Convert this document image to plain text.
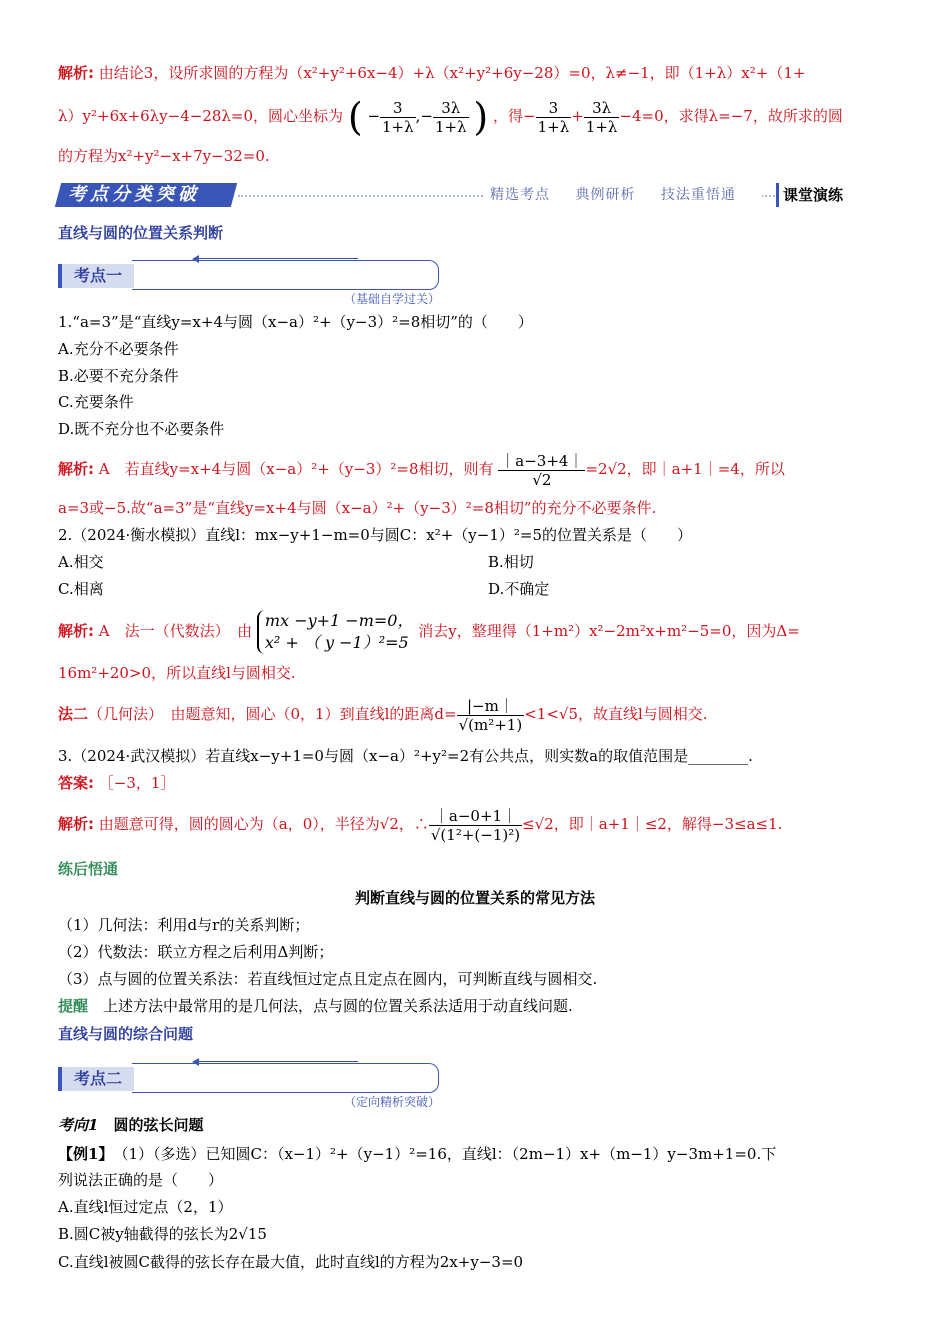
解析: 由结论3，设所求圆的方程为（x²+y²+6x−4）+λ（x²+y²+6y−28）=0，λ≠−1，即（1+λ）x²+（1+
λ）y²+6x+6λy−4−28λ=0，圆心坐标为 ( − $\frac{3}{1+\lambda}$ ,− $\frac{3\lambda}{1+\lambda}$ ) ，得− $\frac{3}{1+\lambda} + \frac{3\lambda}{1+\lambda} -4=0$，求得λ=−7，故所求的圆
的方程为x²+y²−x+7y−32=0.
考点分类突破	精选考点 典例研析 技法重悟通	课堂演练
直线与圆的位置关系判断
考点一
（基础自学过关）
1.“a=3”是“直线y=x+4与圆（x−a）²+（y−3）²=8相切”的（　　）
A.充分不必要条件
B.必要不充分条件
C.充要条件
D.既不充分也不必要条件
解析: A　若直线y=x+4与圆（x−a）²+（y−3）²=8相切，则有 $\frac{|a-3+4|}{√2} =2√2$，即｜a+1｜=4，所以
a=3或−5.故“a=3”是“直线y=x+4与圆（x−a）²+（y−3）²=8相切”的充分不必要条件.
2.（2024·衡水模拟）直线l：mx−y+1−m=0与圆C：x²+（y−1）²=5的位置关系是（　　）
A.相交	B.相切
C.相离	D.不确定
解析: A　法一（代数法）　由
mx −y+1 −m=0，
x² + （ y −1）²=5
消去y，整理得（1+m²）x²−2m²x+m²−5=0，因为Δ=
16m²+20>0，所以直线l与圆相交.
法二（几何法）　由题意知，圆心（0，1）到直线l的距离$d= \frac{|-m|}{\text{√(m²+1)}} <1<√5$，故直线l与圆相交.
3.（2024·武汉模拟）若直线x−y+1=0与圆（x−a）²+y²=2有公共点，则实数a的取值范围是________.
答案: ［−3，1］
解析: 由题意可得，圆的圆心为（a，0），半径为√2，∴ $\frac{|a-0+1|}{\text{√(1²+(−1)²)}} \le√2$，即｜a+1｜≤2，解得−3≤a≤1.
练后悟通
判断直线与圆的位置关系的常见方法
（1）几何法：利用d与r的关系判断；
（2）代数法：联立方程之后利用Δ判断；
（3）点与圆的位置关系法：若直线恒过定点且定点在圆内，可判断直线与圆相交.
提醒　 上述方法中最常用的是几何法，点与圆的位置关系法适用于动直线问题.
直线与圆的综合问题
考点二
（定向精析突破）
考向1　 圆的弦长问题
【例1】　 （1）（多选）已知圆C：（x−1）²+（y−1）²=16，直线l：（2m−1）x+（m−1）y−3m+1=0.下
列说法正确的是（　　）
A.直线l恒过定点（2，1）
B.圆C被y轴截得的弦长为2√15
C.直线l被圆C截得的弦长存在最大值，此时直线l的方程为2x+y−3=0
